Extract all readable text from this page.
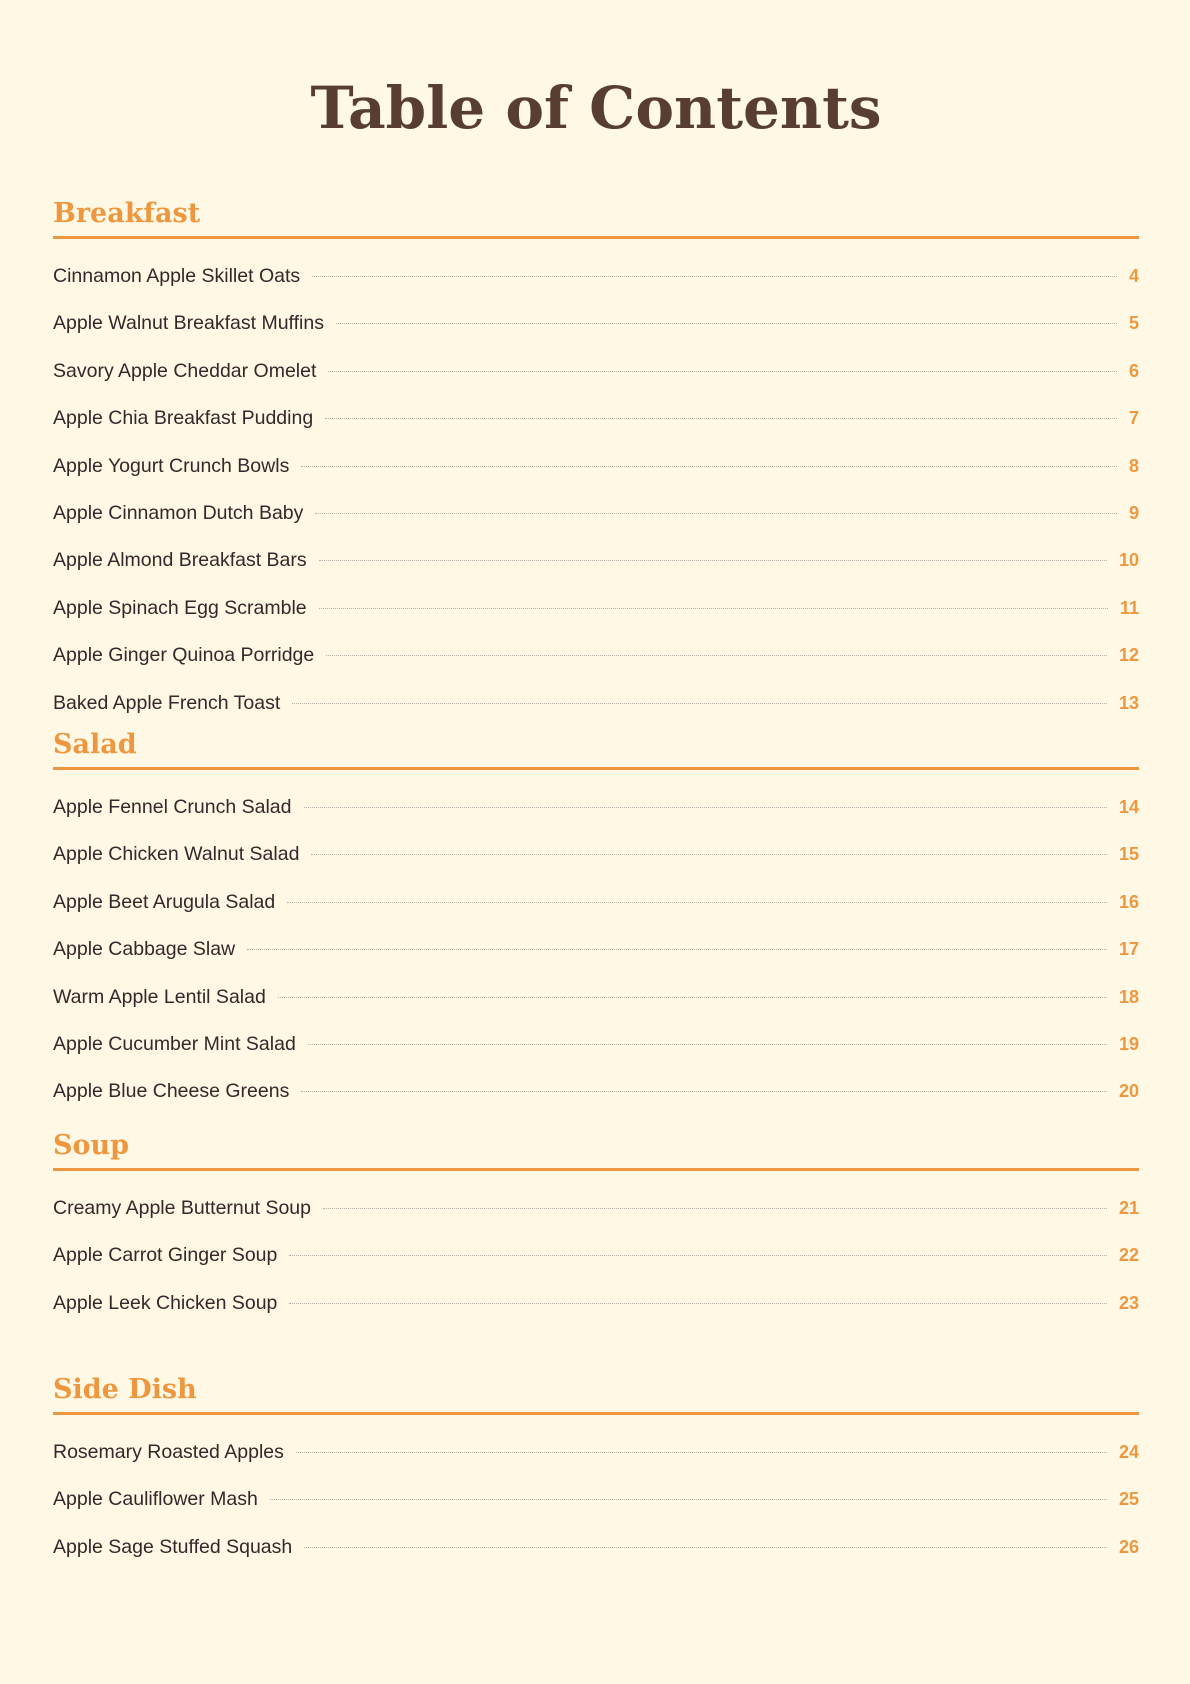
Table of Contents
Breakfast
Cinnamon Apple Skillet Oats	4
Apple Walnut Breakfast Muffins	5
Savory Apple Cheddar Omelet	6
Apple Chia Breakfast Pudding	7
Apple Yogurt Crunch Bowls	8
Apple Cinnamon Dutch Baby	9
Apple Almond Breakfast Bars	10
Apple Spinach Egg Scramble	11
Apple Ginger Quinoa Porridge	12
Baked Apple French Toast	13
Salad
Apple Fennel Crunch Salad	14
Apple Chicken Walnut Salad	15
Apple Beet Arugula Salad	16
Apple Cabbage Slaw	17
Warm Apple Lentil Salad	18
Apple Cucumber Mint Salad	19
Apple Blue Cheese Greens	20
Soup
Creamy Apple Butternut Soup	21
Apple Carrot Ginger Soup	22
Apple Leek Chicken Soup	23
Side Dish
Rosemary Roasted Apples	24
Apple Cauliflower Mash	25
Apple Sage Stuffed Squash	26
